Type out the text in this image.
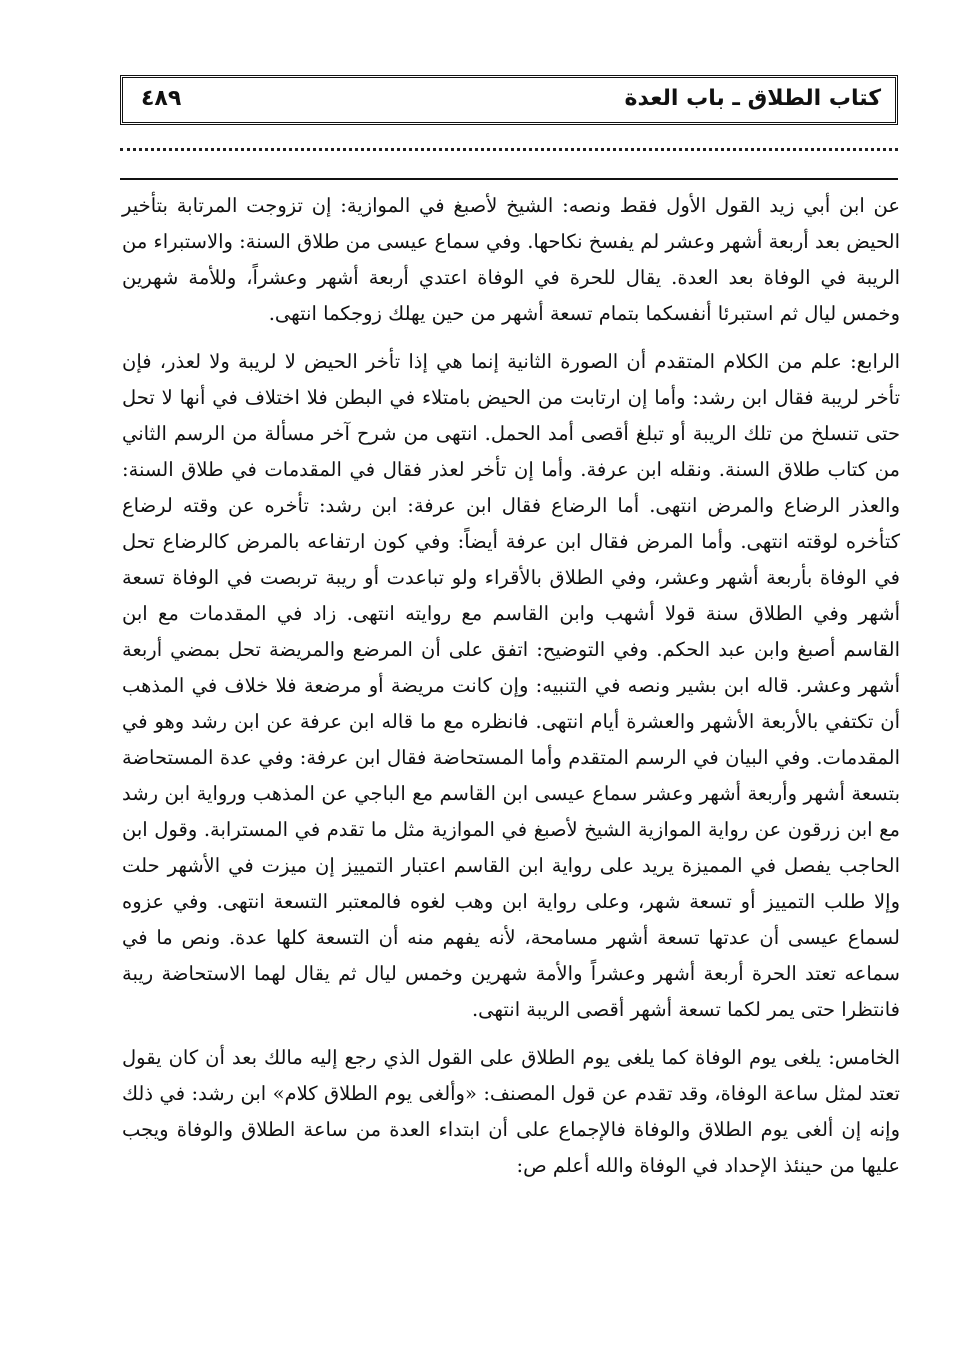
كتاب الطلاق ـ باب العدة
٤٨٩

عن ابن أبي زيد القول الأول فقط ونصه: الشيخ لأصبغ في الموازية: إن تزوجت المرتابة بتأخير الحيض بعد أربعة أشهر وعشر لم يفسخ نكاحها. وفي سماع عيسى من طلاق السنة: والاستبراء من الريبة في الوفاة بعد العدة. يقال للحرة في الوفاة اعتدي أربعة أشهر وعشراً، وللأمة شهرين وخمس ليال ثم استبرئا أنفسكما بتمام تسعة أشهر من حين يهلك زوجكما انتهى.

الرابع: علم من الكلام المتقدم أن الصورة الثانية إنما هي إذا تأخر الحيض لا لريبة ولا لعذر، فإن تأخر لريبة فقال ابن رشد: وأما إن ارتابت من الحيض بامتلاء في البطن فلا اختلاف في أنها لا تحل حتى تنسلخ من تلك الريبة أو تبلغ أقصى أمد الحمل. انتهى من شرح آخر مسألة من الرسم الثاني من كتاب طلاق السنة. ونقله ابن عرفة. وأما إن تأخر لعذر فقال في المقدمات في طلاق السنة: والعذر الرضاع والمرض انتهى. أما الرضاع فقال ابن عرفة: ابن رشد: تأخره عن وقته لرضاع كتأخره لوقته انتهى. وأما المرض فقال ابن عرفة أيضاً: وفي كون ارتفاعه بالمرض كالرضاع تحل في الوفاة بأربعة أشهر وعشر، وفي الطلاق بالأقراء ولو تباعدت أو ريبة تربصت في الوفاة تسعة أشهر وفي الطلاق سنة قولا أشهب وابن القاسم مع روايته انتهى. زاد في المقدمات مع ابن القاسم أصبغ وابن عبد الحكم. وفي التوضيح: اتفق على أن المرضع والمريضة تحل بمضي أربعة أشهر وعشر. قاله ابن بشير ونصه في التنبيه: وإن كانت مريضة أو مرضعة فلا خلاف في المذهب أن تكتفي بالأربعة الأشهر والعشرة أيام انتهى. فانظره مع ما قاله ابن عرفة عن ابن رشد وهو في المقدمات. وفي البيان في الرسم المتقدم وأما المستحاضة فقال ابن عرفة: وفي عدة المستحاضة بتسعة أشهر وأربعة أشهر وعشر سماع عيسى ابن القاسم مع الباجي عن المذهب ورواية ابن رشد مع ابن زرقون عن رواية الموازية الشيخ لأصبغ في الموازية مثل ما تقدم في المسترابة. وقول ابن الحاجب يفصل في المميزة يريد على رواية ابن القاسم اعتبار التمييز إن ميزت في الأشهر حلت وإلا طلب التمييز أو تسعة شهر، وعلى رواية ابن وهب لغوه فالمعتبر التسعة انتهى. وفي عزوه لسماع عيسى أن عدتها تسعة أشهر مسامحة، لأنه يفهم منه أن التسعة كلها عدة. ونص ما في سماعه تعتد الحرة أربعة أشهر وعشراً والأمة شهرين وخمس ليال ثم يقال لهما الاستحاضة ريبة فانتظرا حتى يمر لكما تسعة أشهر أقصى الريبة انتهى.

الخامس: يلغى يوم الوفاة كما يلغى يوم الطلاق على القول الذي رجع إليه مالك بعد أن كان يقول تعتد لمثل ساعة الوفاة، وقد تقدم عن قول المصنف: «وألغى يوم الطلاق كلام» ابن رشد: في ذلك وإنه إن ألغى يوم الطلاق والوفاة فالإجماع على أن ابتداء العدة من ساعة الطلاق والوفاة ويجب عليها من حينئذ الإحداد في الوفاة والله أعلم ص:
